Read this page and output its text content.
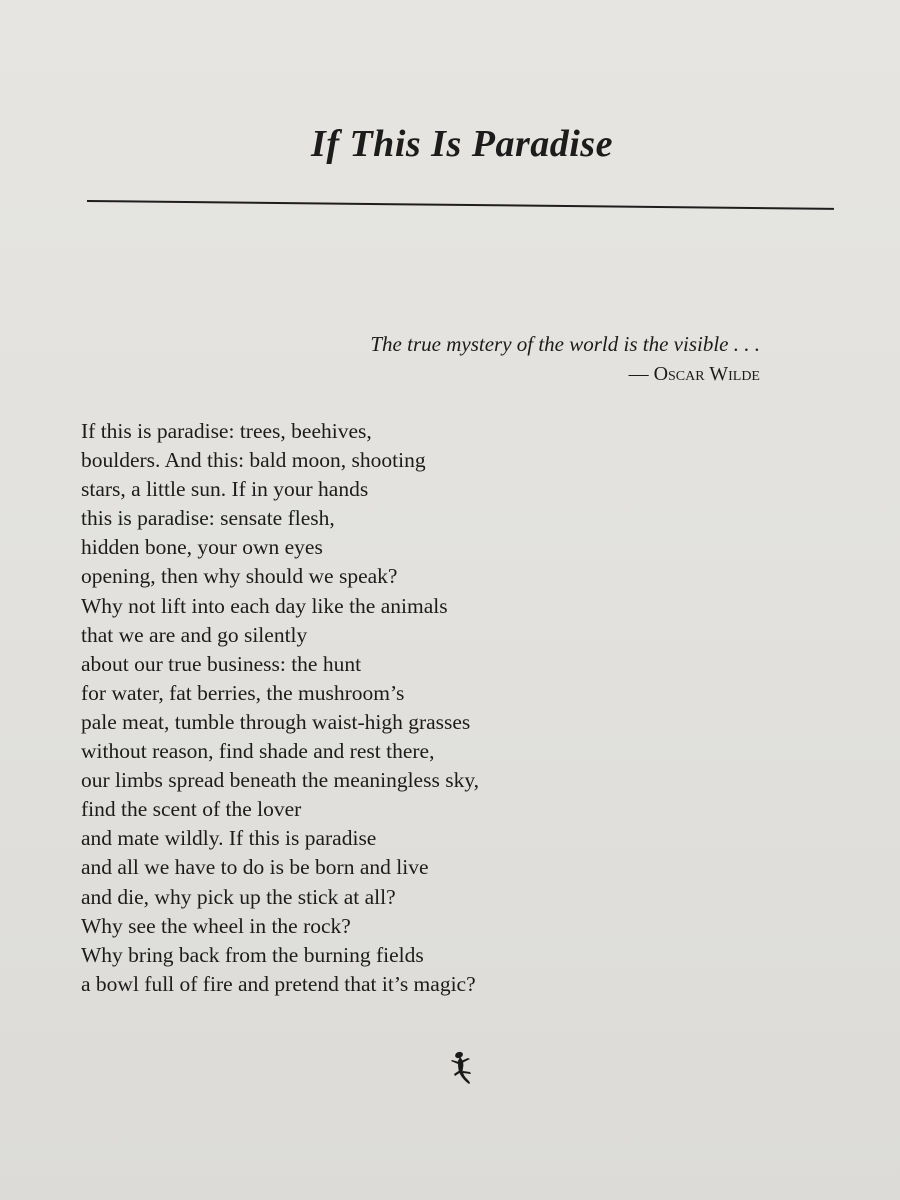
If This Is Paradise
The true mystery of the world is the visible . . .
— Oscar Wilde
If this is paradise: trees, beehives,
boulders. And this: bald moon, shooting
stars, a little sun. If in your hands
this is paradise: sensate flesh,
hidden bone, your own eyes
opening, then why should we speak?
Why not lift into each day like the animals
that we are and go silently
about our true business: the hunt
for water, fat berries, the mushroom’s
pale meat, tumble through waist-high grasses
without reason, find shade and rest there,
our limbs spread beneath the meaningless sky,
find the scent of the lover
and mate wildly. If this is paradise
and all we have to do is be born and live
and die, why pick up the stick at all?
Why see the wheel in the rock?
Why bring back from the burning fields
a bowl full of fire and pretend that it’s magic?
